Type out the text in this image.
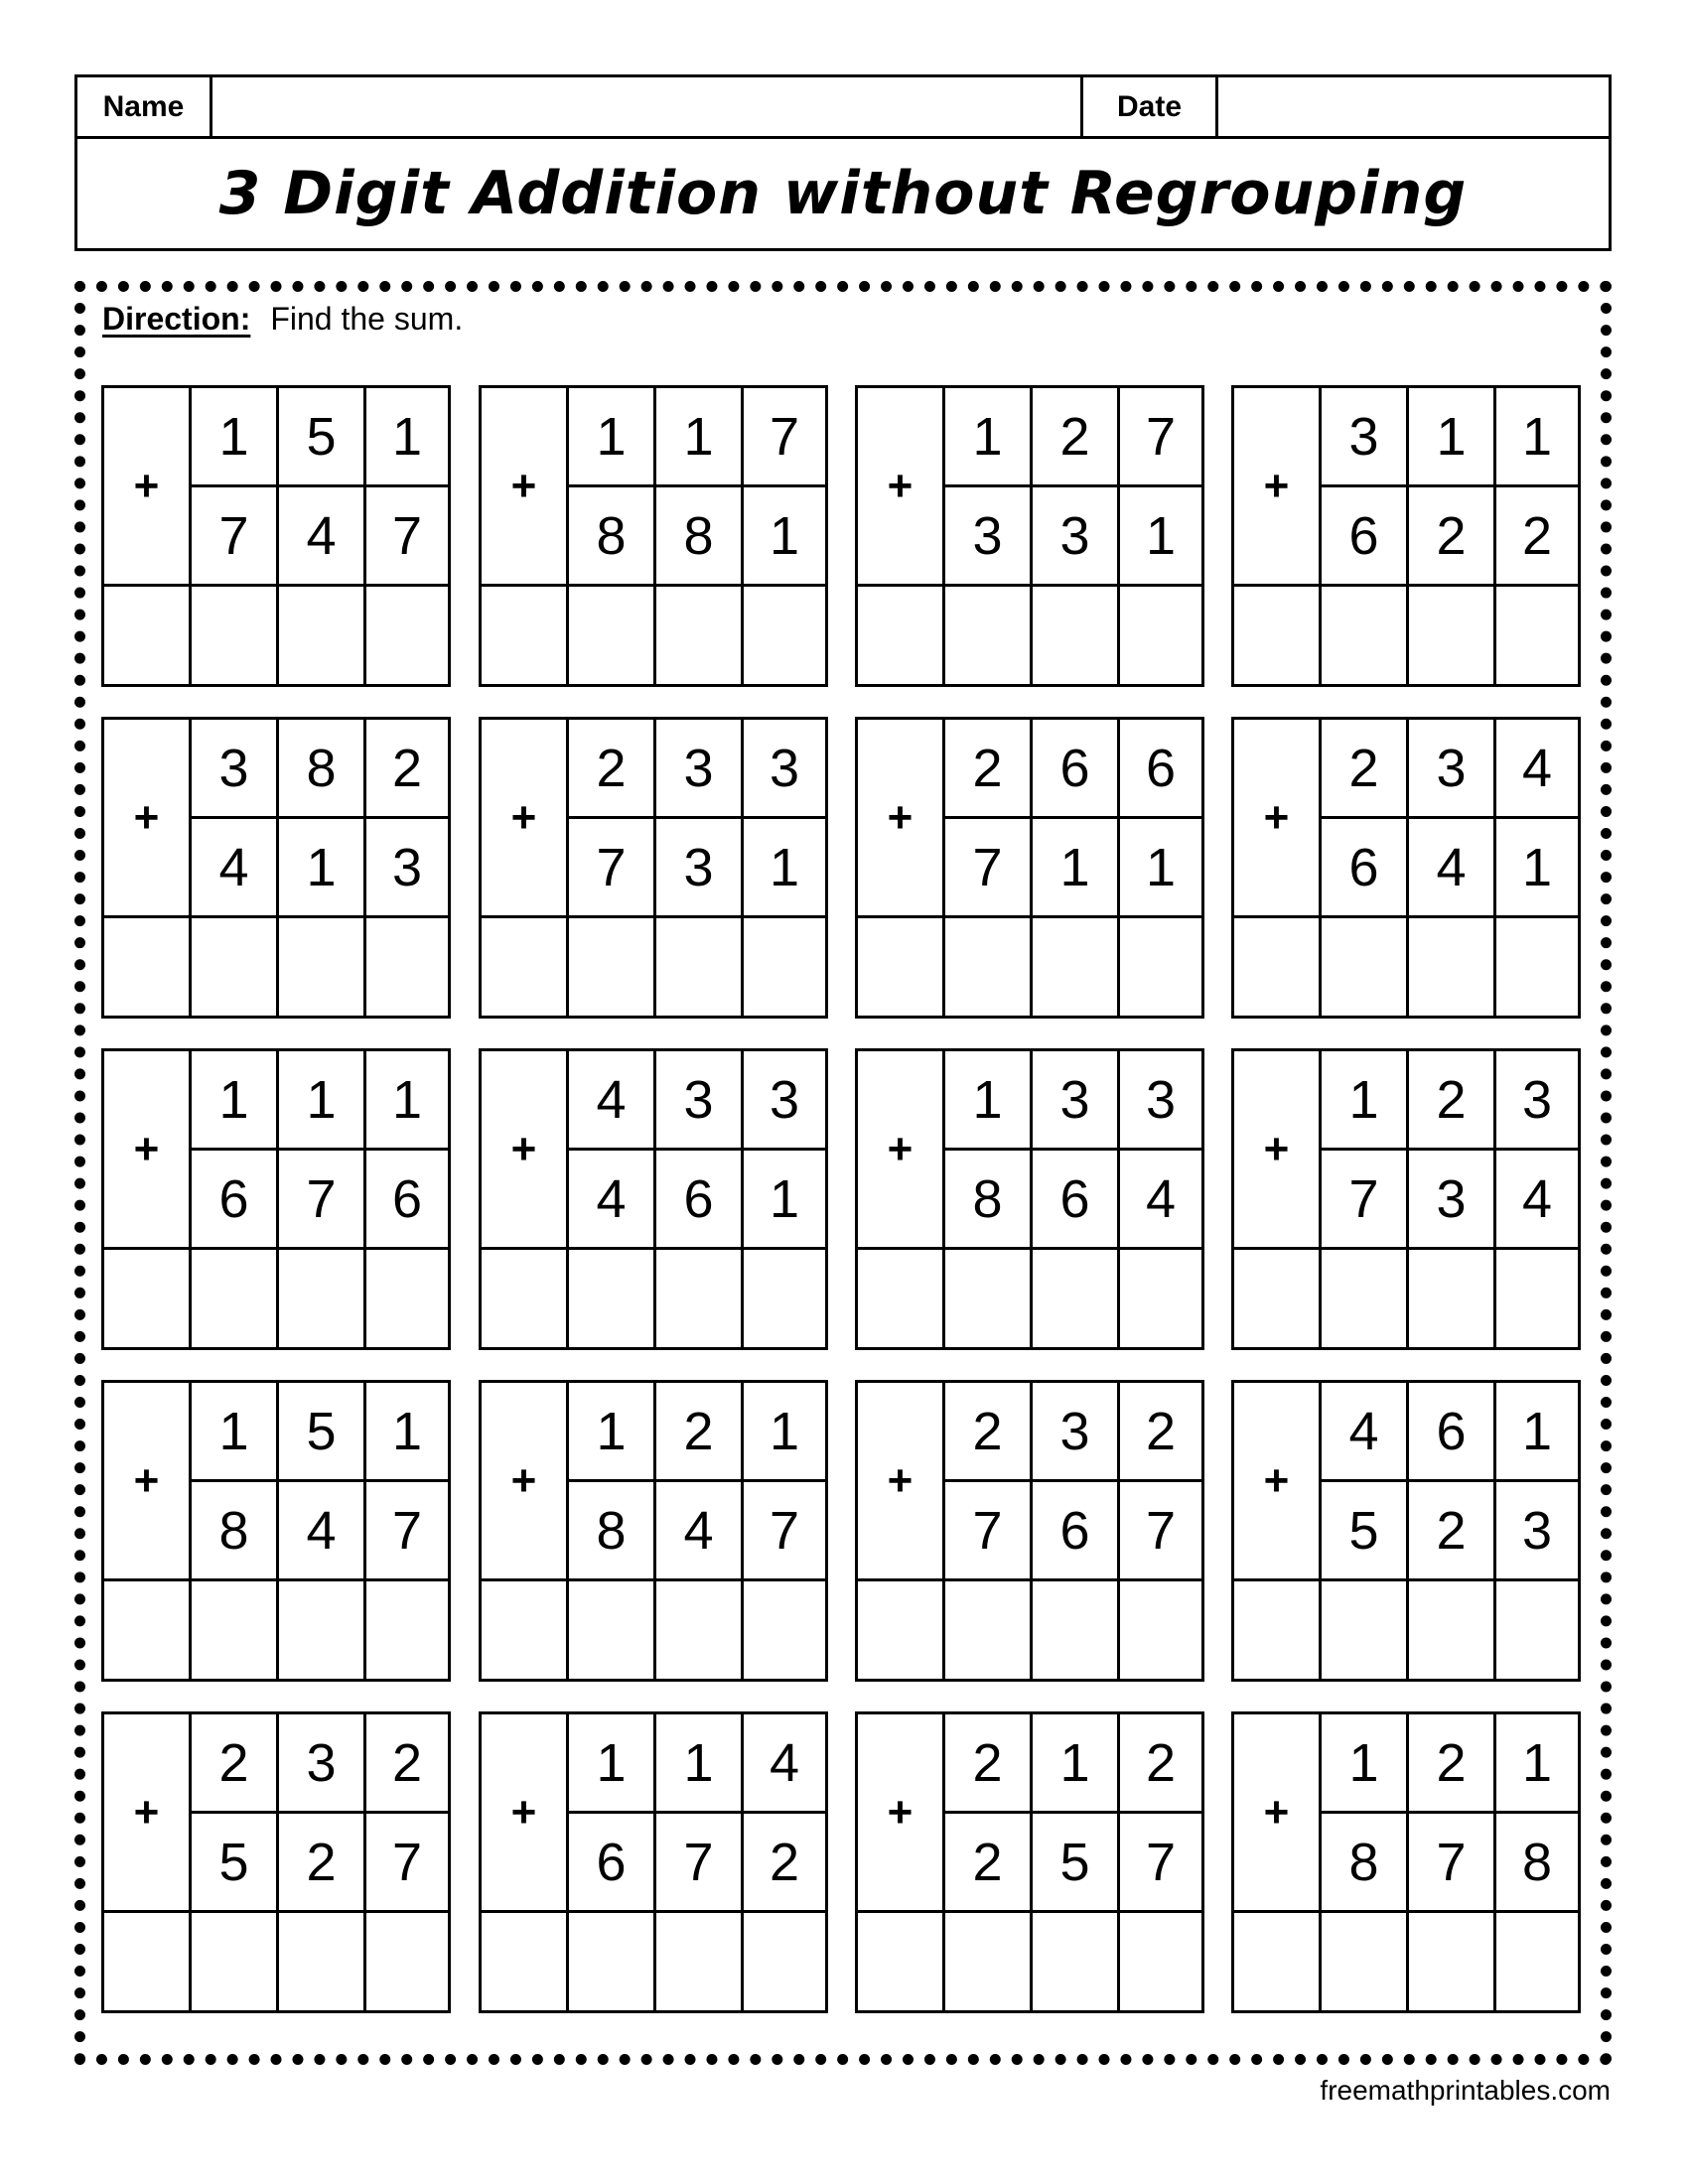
Name	Date
3 Digit Addition without Regrouping
Direction: Find the sum.
+
1	5	1
7	4	7
+
1	1	7
8	8	1
+
1	2	7
3	3	1
+
3	1	1
6	2	2
+
3	8	2
4	1	3
+
2	3	3
7	3	1
+
2	6	6
7	1	1
+
2	3	4
6	4	1
+
1	1	1
6	7	6
+
4	3	3
4	6	1
+
1	3	3
8	6	4
+
1	2	3
7	3	4
+
1	5	1
8	4	7
+
1	2	1
8	4	7
+
2	3	2
7	6	7
+
4	6	1
5	2	3
+
2	3	2
5	2	7
+
1	1	4
6	7	2
+
2	1	2
2	5	7
+
1	2	1
8	7	8
freemathprintables.com
